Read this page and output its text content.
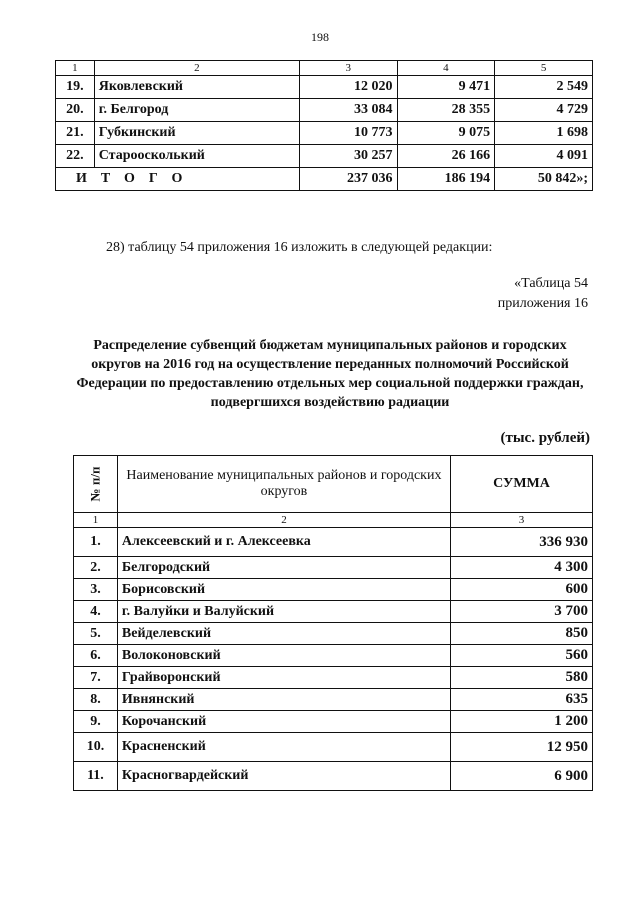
198
1	2	3	4	5
19.	Яковлевский	12 020	9 471	2 549
20.	г. Белгород	33 084	28 355	4 729
21.	Губкинский	10 773	9 075	1 698
22.	Староосколький	30 257	26 166	4 091
ИТОГО		237 036	186 194	50 842»;
28) таблицу 54 приложения 16 изложить в следующей редакции:
«Таблица 54
приложения 16
Распределение субвенций бюджетам муниципальных районов и городских округов на 2016 год на осуществление переданных полномочий Российской Федерации по предоставлению отдельных мер социальной поддержки граждан, подвергшихся воздействию радиации
(тыс. рублей)
№ п/п	Наименование муниципальных районов и городских округов	СУММА
1	2	3
1.	Алексеевский и г. Алексеевка	336 930
2.	Белгородский	4 300
3.	Борисовский	600
4.	г. Валуйки и Валуйский	3 700
5.	Вейделевский	850
6.	Волоконовский	560
7.	Грайворонский	580
8.	Ивнянский	635
9.	Корочанский	1 200
10.	Красненский	12 950
11.	Красногвардейский	6 900
